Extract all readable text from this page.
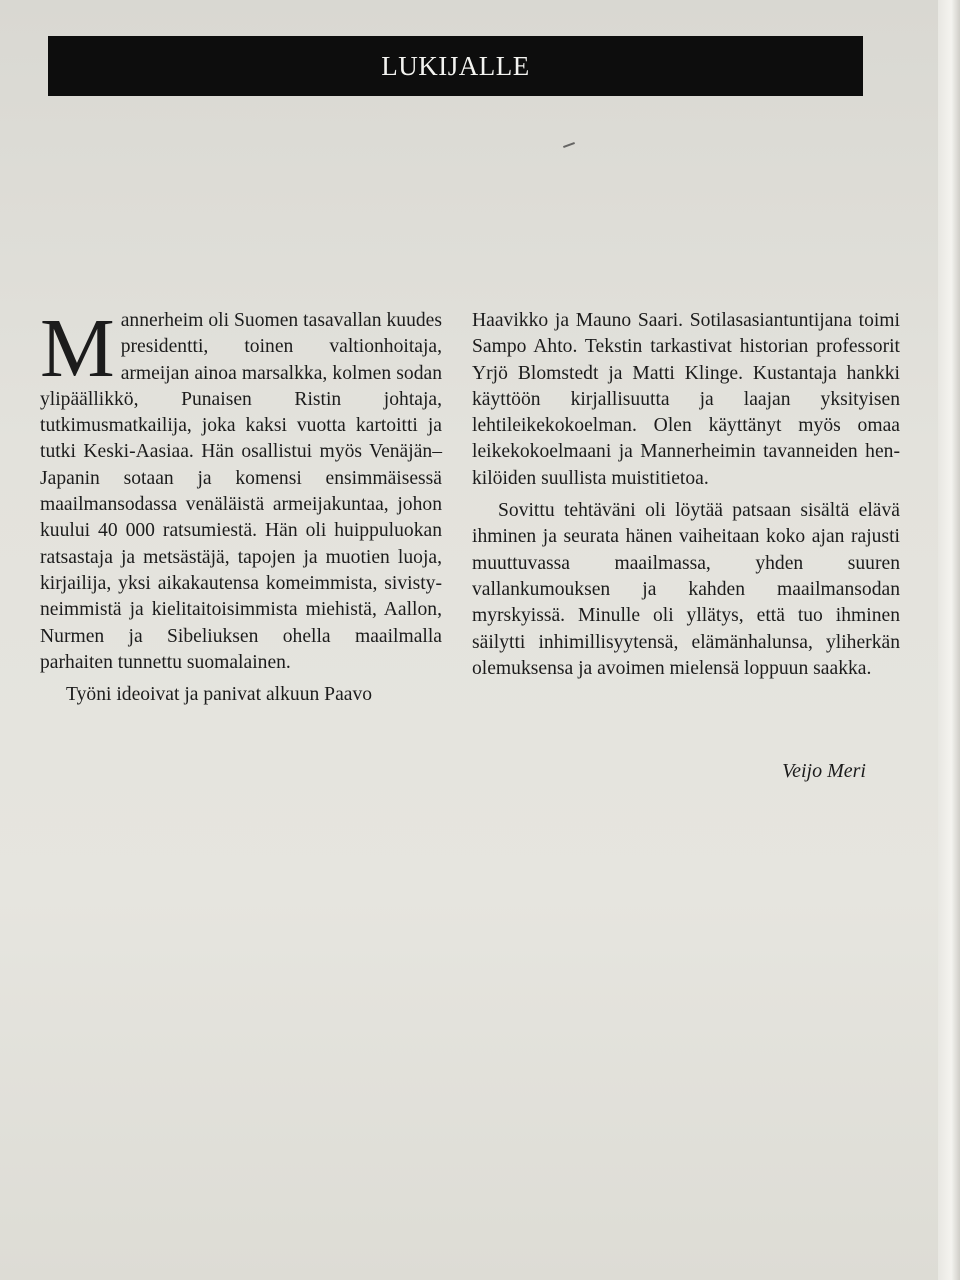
LUKIJALLE

Mannerheim oli Suomen tasavallan kuudes presidentti, toinen valtionhoitaja, armeijan ainoa marsalkka, kolmen sodan ylipäällikkö, Punaisen Ristin johtaja, tutkimusmatkailija, joka kaksi vuotta kartoitti ja tutki Keski-Aasiaa. Hän osallistui myös Venäjän–Japanin sotaan ja komensi ensimmäisessä maailmansodassa venäläistä armeijakuntaa, johon kuului 40 000 ratsumiestä. Hän oli huippuluokan ratsastaja ja metsästäjä, tapojen ja muotien luoja, kirjailija, yksi aikakautensa komeimmista, sivistyneimmistä ja kielitaitoisimmista miehistä, Aallon, Nurmen ja Sibeliuksen ohella maailmalla parhaiten tunnettu suomalainen.

Työni ideoivat ja panivat alkuun Paavo

Haavikko ja Mauno Saari. Sotilasasiantuntijana toimi Sampo Ahto. Tekstin tarkastivat historian professorit Yrjö Blomstedt ja Matti Klinge. Kustantaja hankki käyttöön kirjallisuutta ja laajan yksityisen lehtileikekokoelman. Olen käyttänyt myös omaa leikekokoelmaani ja Mannerheimin tavanneiden henkilöiden suullista muistitietoa.

Sovittu tehtäväni oli löytää patsaan sisältä elävä ihminen ja seurata hänen vaiheitaan koko ajan rajusti muuttuvassa maailmassa, yhden suuren vallankumouksen ja kahden maailmansodan myrskyissä. Minulle oli yllätys, että tuo ihminen säilytti inhimillisyytensä, elämänhalunsa, yliherkän olemuksensa ja avoimen mielensä loppuun saakka.

Veijo Meri
